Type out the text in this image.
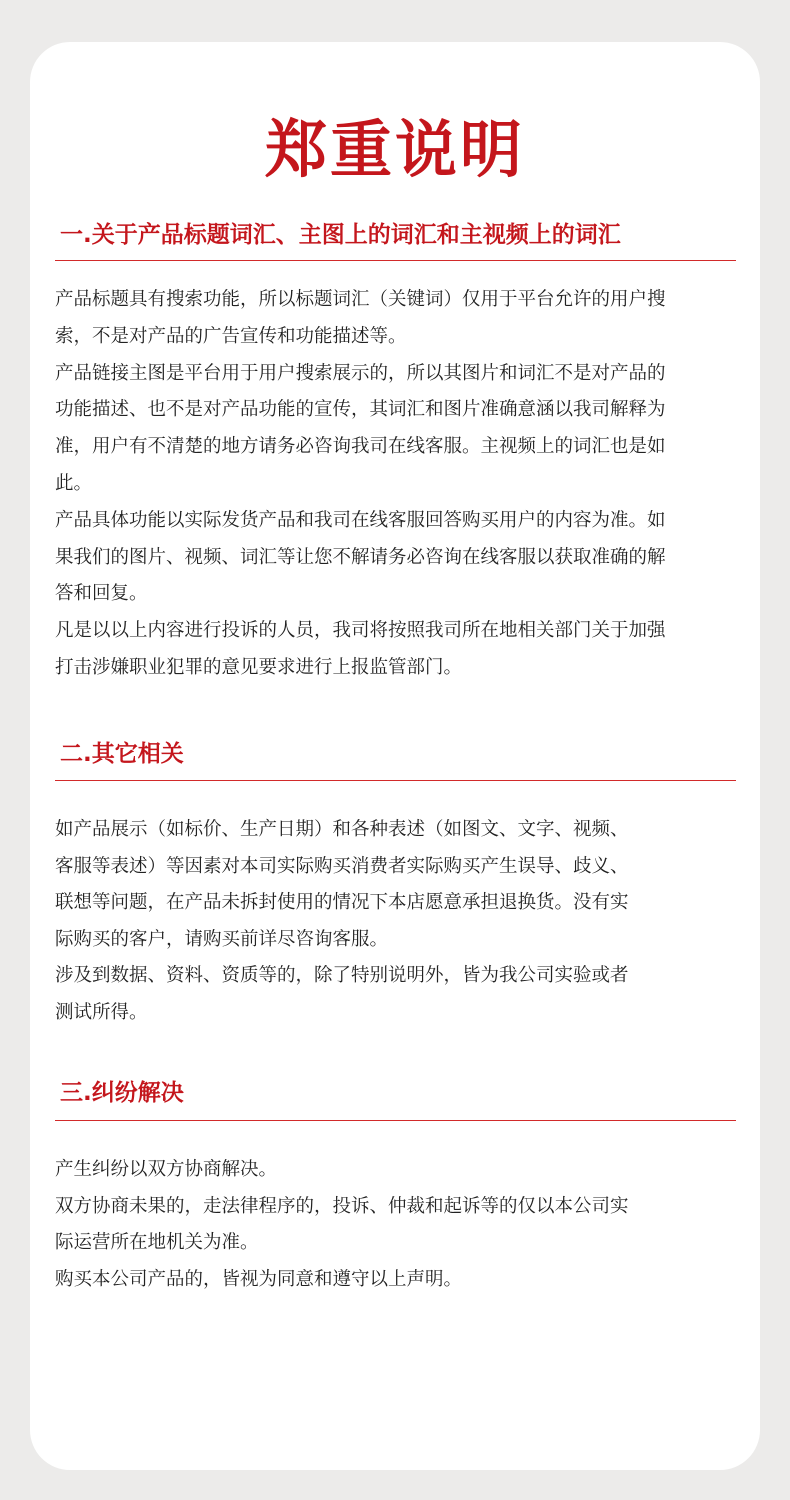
郑重说明
一.关于产品标题词汇、主图上的词汇和主视频上的词汇

产品标题具有搜索功能，所以标题词汇（关键词）仅用于平台允许的用户搜
索，不是对产品的广告宣传和功能描述等。

产品链接主图是平台用于用户搜索展示的，所以其图片和词汇不是对产品的
功能描述、也不是对产品功能的宣传，其词汇和图片准确意涵以我司解释为
准，用户有不清楚的地方请务必咨询我司在线客服。主视频上的词汇也是如
此。

产品具体功能以实际发货产品和我司在线客服回答购买用户的内容为准。如
果我们的图片、视频、词汇等让您不解请务必咨询在线客服以获取准确的解
答和回复。

凡是以以上内容进行投诉的人员，我司将按照我司所在地相关部门关于加强
打击涉嫌职业犯罪的意见要求进行上报监管部门。

二.其它相关

如产品展示（如标价、生产日期）和各种表述（如图文、文字、视频、
客服等表述）等因素对本司实际购买消费者实际购买产生误导、歧义、
联想等问题，在产品未拆封使用的情况下本店愿意承担退换货。没有实
际购买的客户，请购买前详尽咨询客服。

涉及到数据、资料、资质等的，除了特别说明外，皆为我公司实验或者
测试所得。

三.纠纷解决

产生纠纷以双方协商解决。

双方协商未果的，走法律程序的，投诉、仲裁和起诉等的仅以本公司实
际运营所在地机关为准。

购买本公司产品的，皆视为同意和遵守以上声明。
